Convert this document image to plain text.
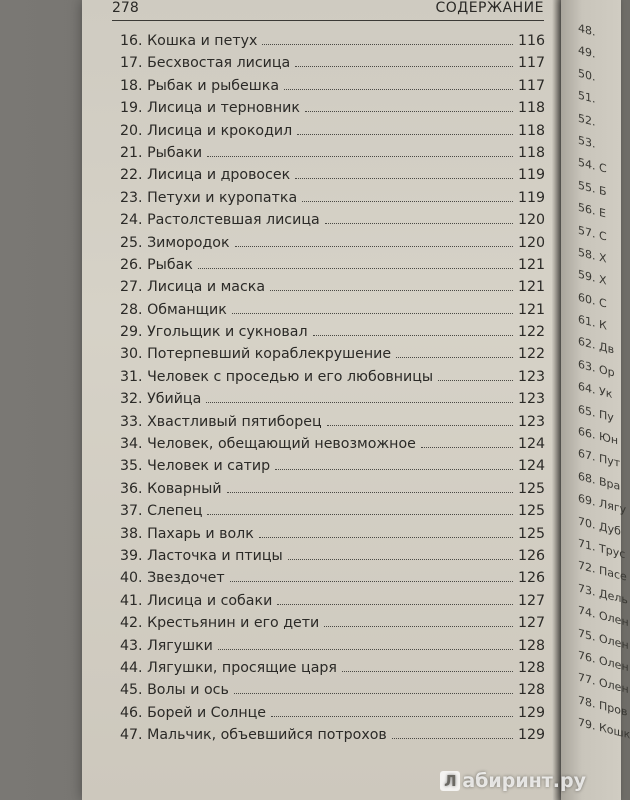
278	СОДЕРЖАНИЕ
16. Кошка и петух	116
17. Бесхвостая лисица	117
18. Рыбак и рыбешка	117
19. Лисица и терновник	118
20. Лисица и крокодил	118
21. Рыбаки	118
22. Лисица и дровосек	119
23. Петухи и куропатка	119
24. Растолстевшая лисица	120
25. Зимородок	120
26. Рыбак	121
27. Лисица и маска	121
28. Обманщик	121
29. Угольщик и сукновал	122
30. Потерпевший кораблекрушение	122
31. Человек с проседью и его любовницы	123
32. Убийца	123
33. Хвастливый пятиборец	123
34. Человек, обещающий невозможное	124
35. Человек и сатир	124
36. Коварный	125
37. Слепец	125
38. Пахарь и волк	125
39. Ласточка и птицы	126
40. Звездочет	126
41. Лисица и собаки	127
42. Крестьянин и его дети	127
43. Лягушки	128
44. Лягушки, просящие царя	128
45. Волы и ось	128
46. Борей и Солнце	129
47. Мальчик, объевшийся потрохов	129
48.
49.
50.
51.
52.
53.
54. С
55. Б
56. Е
57. С
58. Х
59. Х
60. С
61. К
62. Дв
63. Ор
64. Ук
65. Пу
66. Юн
67. Пут
68. Вра
69. Лягу
70. Дуб
71. Трус
72. Пасе
73. Дель
74. Олен
75. Олен
76. Олен
77. Олен
78. Пров
79. Кошк
Л абиринт.ру
